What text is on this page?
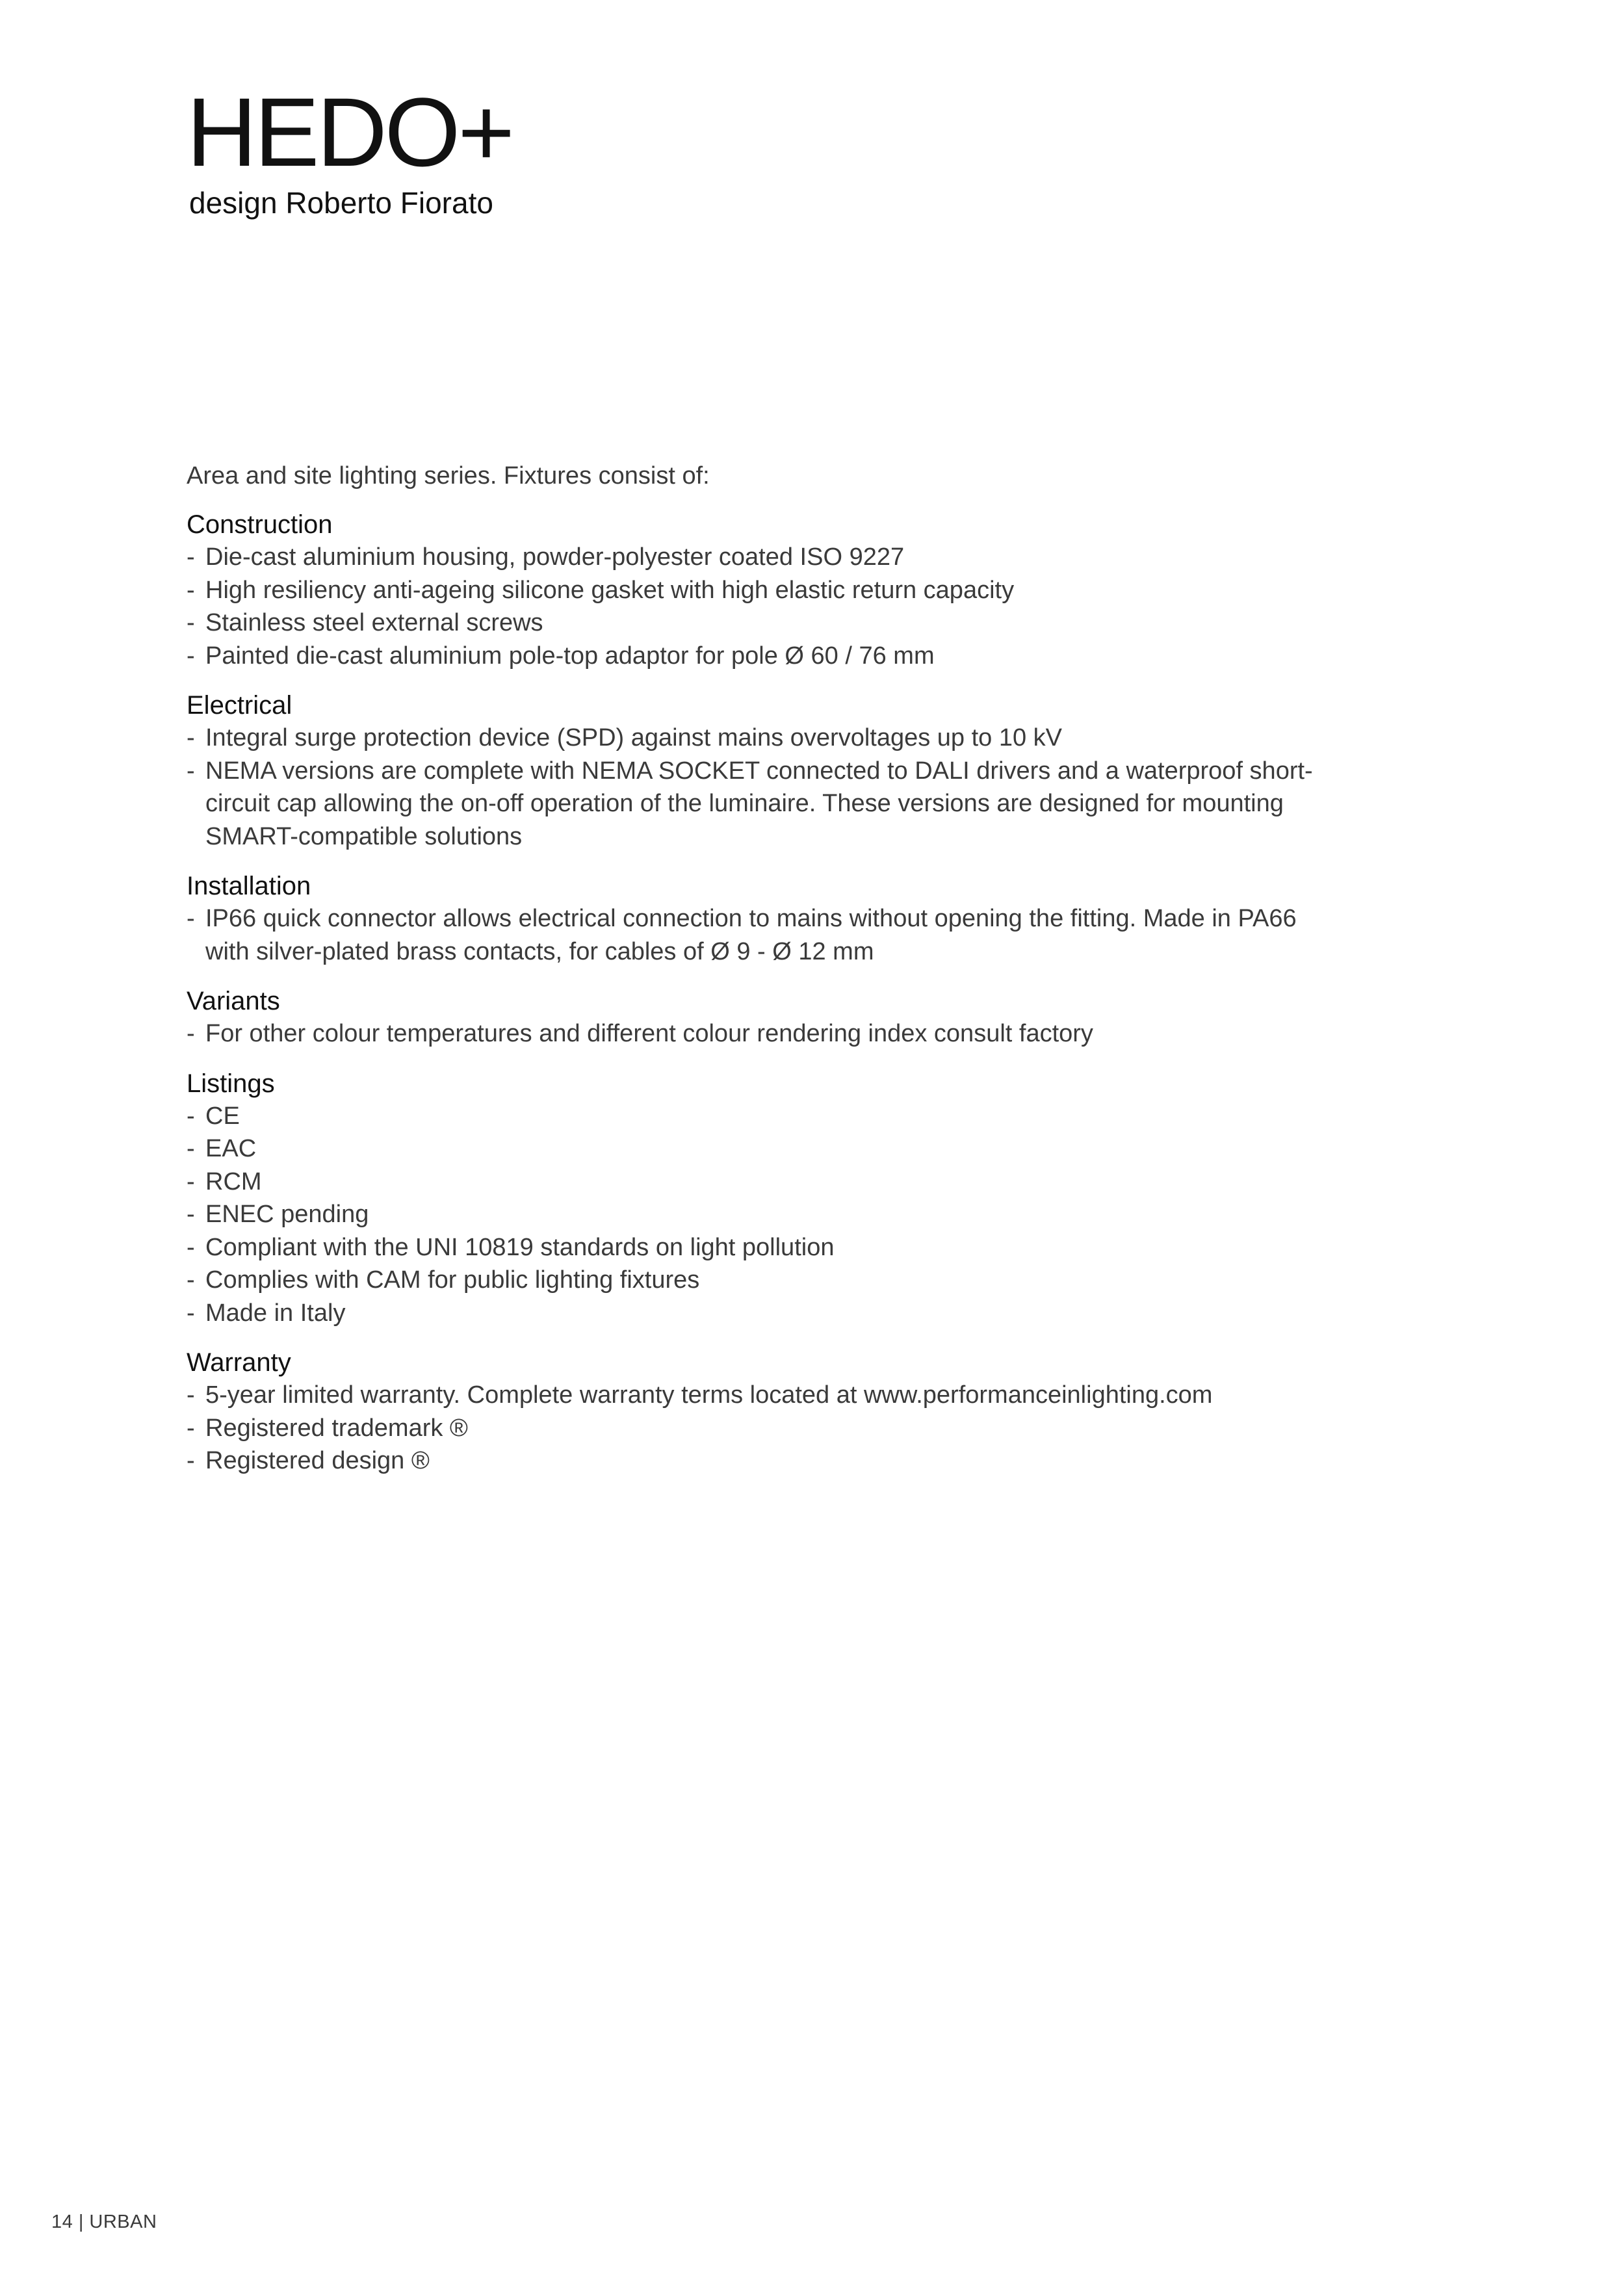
HEDO+
design Roberto Fiorato

Area and site lighting series. Fixtures consist of:

Construction
- Die-cast aluminium housing, powder-polyester coated ISO 9227
- High resiliency anti-ageing silicone gasket with high elastic return capacity
- Stainless steel external screws
- Painted die-cast aluminium pole-top adaptor for pole Ø 60 / 76 mm
Electrical
- Integral surge protection device (SPD) against mains overvoltages up to 10 kV
- NEMA versions are complete with NEMA SOCKET connected to DALI drivers and a waterproof short-circuit cap allowing the on-off operation of the luminaire. These versions are designed for mounting SMART-compatible solutions
Installation
- IP66 quick connector allows electrical connection to mains without opening the fitting. Made in PA66 with silver-plated brass contacts, for cables of Ø 9 - Ø 12 mm
Variants
- For other colour temperatures and different colour rendering index consult factory
Listings
- CE
- EAC
- RCM
- ENEC pending
- Compliant with the UNI 10819 standards on light pollution
- Complies with CAM for public lighting fixtures
- Made in Italy
Warranty
- 5-year limited warranty. Complete warranty terms located at www.performanceinlighting.com
- Registered trademark ®
- Registered design ®
14 | URBAN
